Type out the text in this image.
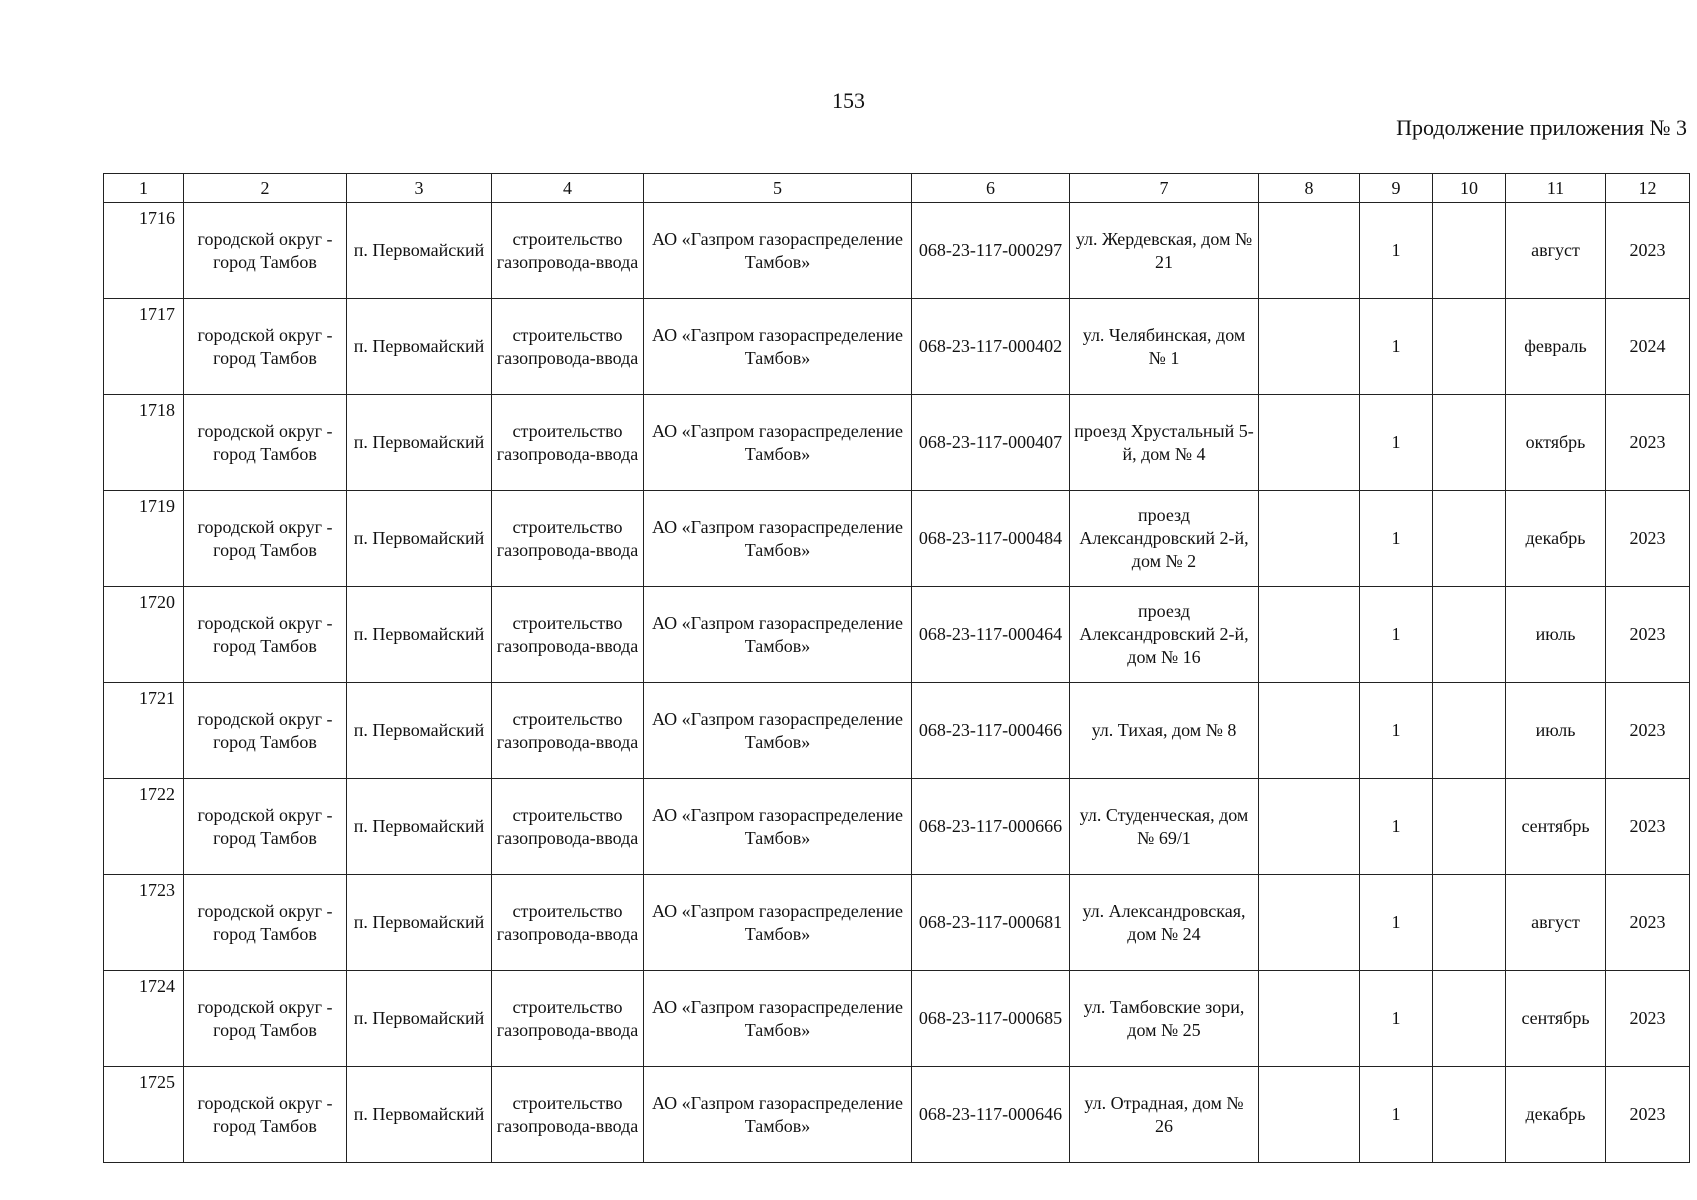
153
Продолжение приложения № 3
1	2	3	4	5	6	7	8	9	10	11	12
1716	городской округ - город Тамбов	п. Первомайский	строительство газопровода-ввода	АО «Газпром газораспределение Тамбов»	068-23-117-000297	ул. Жердевская, дом № 21		1		август	2023
1717	городской округ - город Тамбов	п. Первомайский	строительство газопровода-ввода	АО «Газпром газораспределение Тамбов»	068-23-117-000402	ул. Челябинская, дом № 1		1		февраль	2024
1718	городской округ - город Тамбов	п. Первомайский	строительство газопровода-ввода	АО «Газпром газораспределение Тамбов»	068-23-117-000407	проезд Хрустальный 5-й, дом № 4		1		октябрь	2023
1719	городской округ - город Тамбов	п. Первомайский	строительство газопровода-ввода	АО «Газпром газораспределение Тамбов»	068-23-117-000484	проезд Александровский 2-й, дом № 2		1		декабрь	2023
1720	городской округ - город Тамбов	п. Первомайский	строительство газопровода-ввода	АО «Газпром газораспределение Тамбов»	068-23-117-000464	проезд Александровский 2-й, дом № 16		1		июль	2023
1721	городской округ - город Тамбов	п. Первомайский	строительство газопровода-ввода	АО «Газпром газораспределение Тамбов»	068-23-117-000466	ул. Тихая, дом № 8		1		июль	2023
1722	городской округ - город Тамбов	п. Первомайский	строительство газопровода-ввода	АО «Газпром газораспределение Тамбов»	068-23-117-000666	ул. Студенческая, дом № 69/1		1		сентябрь	2023
1723	городской округ - город Тамбов	п. Первомайский	строительство газопровода-ввода	АО «Газпром газораспределение Тамбов»	068-23-117-000681	ул. Александровская, дом № 24		1		август	2023
1724	городской округ - город Тамбов	п. Первомайский	строительство газопровода-ввода	АО «Газпром газораспределение Тамбов»	068-23-117-000685	ул. Тамбовские зори, дом № 25		1		сентябрь	2023
1725	городской округ - город Тамбов	п. Первомайский	строительство газопровода-ввода	АО «Газпром газораспределение Тамбов»	068-23-117-000646	ул. Отрадная, дом № 26		1		декабрь	2023
